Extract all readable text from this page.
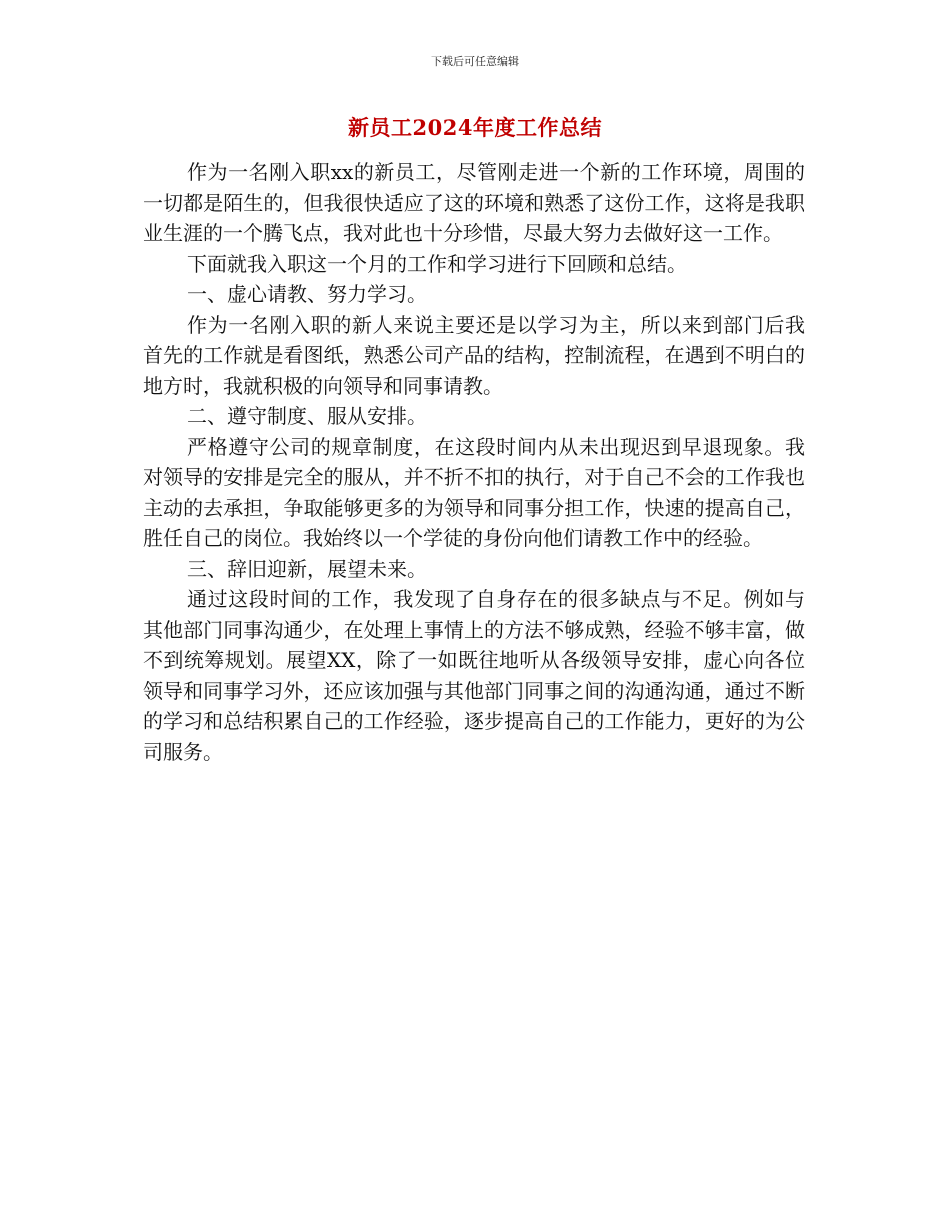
下载后可任意编辑
新员工2024年度工作总结

作为一名刚入职xx的新员工，尽管刚走进一个新的工作环境，周围的一切都是陌生的，但我很快适应了这的环境和熟悉了这份工作，这将是我职业生涯的一个腾飞点，我对此也十分珍惜，尽最大努力去做好这一工作。

下面就我入职这一个月的工作和学习进行下回顾和总结。

一、虚心请教、努力学习。

作为一名刚入职的新人来说主要还是以学习为主，所以来到部门后我首先的工作就是看图纸，熟悉公司产品的结构，控制流程，在遇到不明白的地方时，我就积极的向领导和同事请教。

二、遵守制度、服从安排。

严格遵守公司的规章制度，在这段时间内从未出现迟到早退现象。我对领导的安排是完全的服从，并不折不扣的执行，对于自己不会的工作我也主动的去承担，争取能够更多的为领导和同事分担工作，快速的提高自己，胜任自己的岗位。我始终以一个学徒的身份向他们请教工作中的经验。

三、辞旧迎新，展望未来。

通过这段时间的工作，我发现了自身存在的很多缺点与不足。例如与其他部门同事沟通少，在处理上事情上的方法不够成熟，经验不够丰富，做不到统筹规划。展望XX，除了一如既往地听从各级领导安排，虚心向各位领导和同事学习外，还应该加强与其他部门同事之间的沟通沟通，通过不断的学习和总结积累自己的工作经验，逐步提高自己的工作能力，更好的为公司服务。
